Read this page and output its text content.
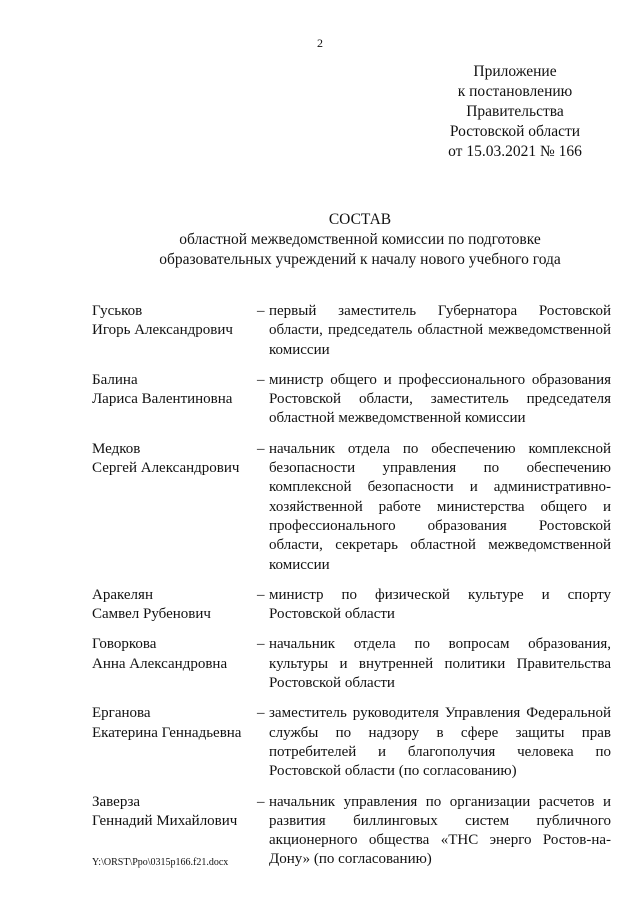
2
Приложение
к постановлению
Правительства
Ростовской области
от 15.03.2021 № 166
СОСТАВ
областной межведомственной комиссии по подготовке
образовательных учреждений к началу нового учебного года
Гуськов
Игорь Александрович
– первый заместитель Губернатора Ростовской области, председатель областной межведомственной комиссии
Балина
Лариса Валентиновна
– министр общего и профессионального образования Ростовской области, заместитель председателя областной межведомственной комиссии
Медков
Сергей Александрович
– начальник отдела по обеспечению комплексной безопасности управления по обеспечению комплексной безопасности и административно-хозяйственной работе министерства общего и профессионального образования Ростовской области, секретарь областной межведомственной комиссии
Аракелян
Самвел Рубенович
– министр по физической культуре и спорту Ростовской области
Говоркова
Анна Александровна
– начальник отдела по вопросам образования, культуры и внутренней политики Правительства Ростовской области
Ерганова
Екатерина Геннадьевна
– заместитель руководителя Управления Федеральной службы по надзору в сфере защиты прав потребителей и благополучия человека по Ростовской области (по согласованию)
Заверза
Геннадий Михайлович
– начальник управления по организации расчетов и развития биллинговых систем публичного акционерного общества «ТНС энерго Ростов-на-Дону» (по согласованию)
Y:\ORST\Ppo\0315p166.f21.docx
